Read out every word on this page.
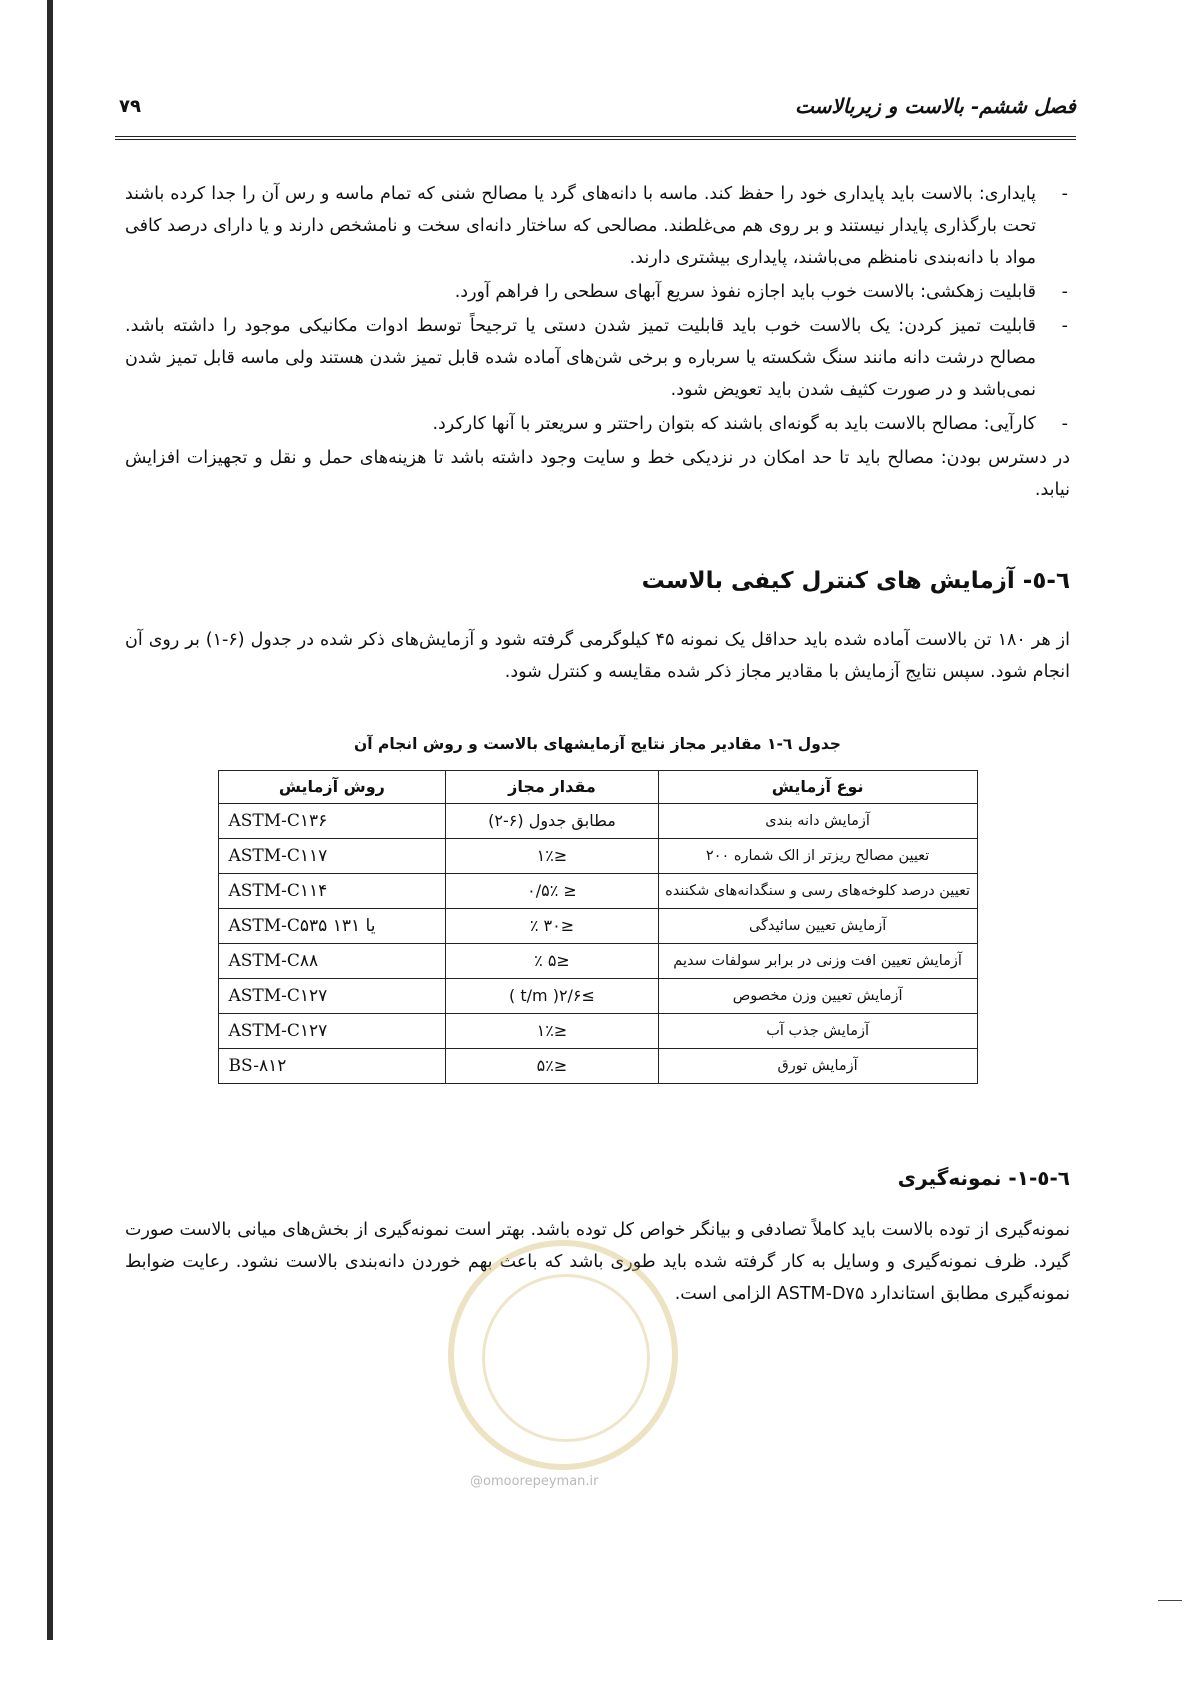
فصل ششم- بالاست و زیربالاست
۷۹
-
پایداری: بالاست باید پایداری خود را حفظ کند. ماسه با دانه‌های گرد یا مصالح شنی که تمام ماسه و رس آن را جدا کرده باشند تحت بارگذاری پایدار نیستند و بر روی هم می‌غلطند. مصالحی که ساختار دانه‌ای سخت و نامشخص دارند و یا دارای درصد کافی مواد با دانه‌بندی نامنظم می‌باشند، پایداری بیشتری دارند.
-
قابلیت زهکشی: بالاست خوب باید اجازه نفوذ سریع آبهای سطحی را فراهم آورد.
-
قابلیت تمیز کردن: یک بالاست خوب باید قابلیت تمیز شدن دستی یا ترجیحاً توسط ادوات مکانیکی موجود را داشته باشد. مصالح درشت دانه مانند سنگ شکسته یا سرباره و برخی شن‌های آماده شده قابل تمیز شدن هستند ولی ماسه قابل تمیز شدن نمی‌باشد و در صورت کثیف شدن باید تعویض شود.
-
کارآیی: مصالح بالاست باید به گونه‌ای باشند که بتوان راحتتر و سریعتر با آنها کارکرد.

در دسترس بودن: مصالح باید تا حد امکان در نزدیکی خط و سایت وجود داشته باشد تا هزینه‌های حمل و نقل و تجهیزات افزایش نیابد.

٦-٥- آزمایش های کنترل کیفی بالاست

از هر ۱۸۰ تن بالاست آماده شده باید حداقل یک نمونه ۴۵ کیلوگرمی گرفته شود و آزمایش‌های ذکر شده در جدول (۶-۱) بر روی آن انجام شود. سپس نتایج آزمایش با مقادیر مجاز ذکر شده مقایسه و کنترل شود.

جدول ٦-۱ مقادیر مجاز نتایج آزمایشهای بالاست و روش انجام آن
نوع آزمایش	مقدار مجاز	روش آزمایش
آزمایش دانه بندی	مطابق جدول (۶-۲)	ASTM-C۱۳۶
تعیین مصالح ریزتر از الک شماره ۲۰۰	≤۱٪	ASTM-C۱۱۷
تعیین درصد کلوخه‌های رسی و سنگدانه‌های شکننده	≤ ۰/۵٪	ASTM-C۱۱۴
آزمایش تعیین سائیدگی	≤۳۰ ٪	ASTM-C۵۳۵ یا ۱۳۱
آزمایش تعیین افت وزنی در برابر سولفات سدیم	≤۵ ٪	ASTM-C۸۸
آزمایش تعیین وزن مخصوص	≥۲/۶( t/m )	ASTM-C۱۲۷
آزمایش جذب آب	≤۱٪	ASTM-C۱۲۷
آزمایش تورق	≤۵٪	BS-۸۱۲
٦-٥-۱- نمونه‌گیری

نمونه‌گیری از توده بالاست باید کاملاً تصادفی و بیانگر خواص کل توده باشد. بهتر است نمونه‌گیری از بخش‌های میانی بالاست صورت گیرد. ظرف نمونه‌گیری و وسایل به کار گرفته شده باید طوری باشد که باعث بهم خوردن دانه‌بندی بالاست نشود. رعایت ضوابط نمونه‌گیری مطابق استاندارد ASTM-D۷۵ الزامی است.

@omoorepeyman.ir
